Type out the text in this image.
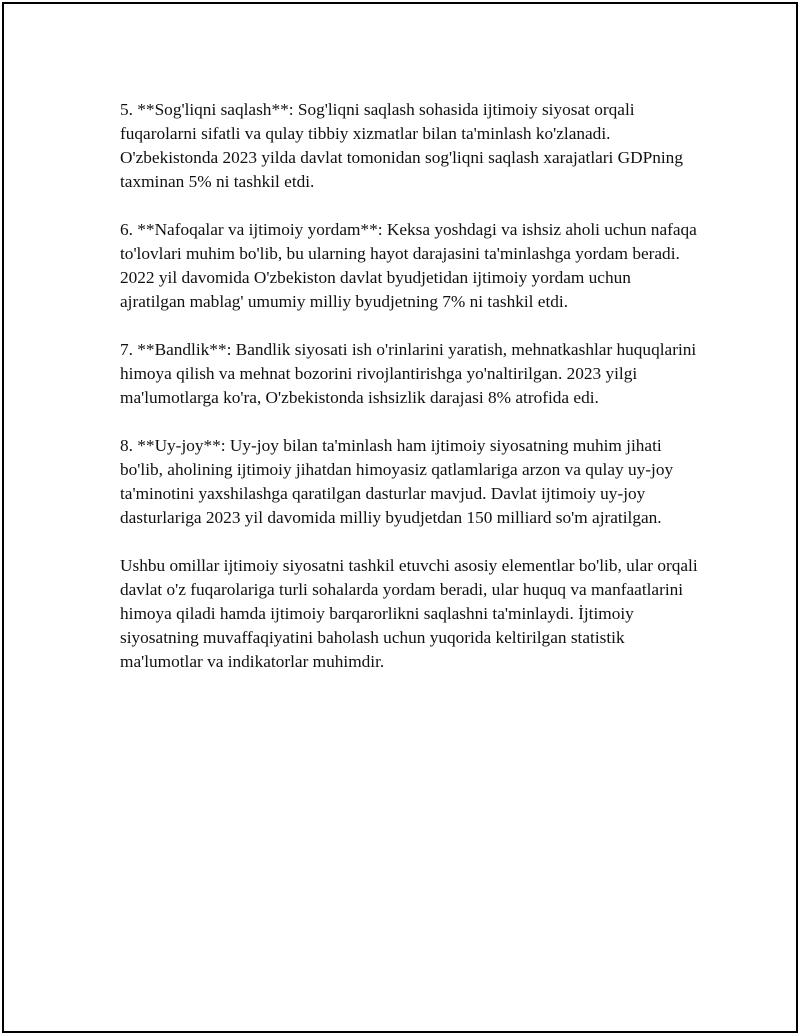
5. **Sog'liqni saqlash**: Sog'liqni saqlash sohasida ijtimoiy siyosat orqali fuqarolarni sifatli va qulay tibbiy xizmatlar bilan ta'minlash ko'zlanadi. O'zbekistonda 2023 yilda davlat tomonidan sog'liqni saqlash xarajatlari GDPning taxminan 5% ni tashkil etdi.

6. **Nafoqalar va ijtimoiy yordam**: Keksa yoshdagi va ishsiz aholi uchun nafaqa to'lovlari muhim bo'lib, bu ularning hayot darajasini ta'minlashga yordam beradi. 2022 yil davomida O'zbekiston davlat byudjetidan ijtimoiy yordam uchun ajratilgan mablag' umumiy milliy byudjetning 7% ni tashkil etdi.

7. **Bandlik**: Bandlik siyosati ish o'rinlarini yaratish, mehnatkashlar huquqlarini himoya qilish va mehnat bozorini rivojlantirishga yo'naltirilgan. 2023 yilgi ma'lumotlarga ko'ra, O'zbekistonda ishsizlik darajasi 8% atrofida edi.

8. **Uy-joy**: Uy-joy bilan ta'minlash ham ijtimoiy siyosatning muhim jihati bo'lib, aholining ijtimoiy jihatdan himoyasiz qatlamlariga arzon va qulay uy-joy ta'minotini yaxshilashga qaratilgan dasturlar mavjud. Davlat ijtimoiy uy-joy dasturlariga 2023 yil davomida milliy byudjetdan 150 milliard so'm ajratilgan.

Ushbu omillar ijtimoiy siyosatni tashkil etuvchi asosiy elementlar bo'lib, ular orqali davlat o'z fuqarolariga turli sohalarda yordam beradi, ular huquq va manfaatlarini himoya qiladi hamda ijtimoiy barqarorlikni saqlashni ta'minlaydi. İjtimoiy siyosatning muvaffaqiyatini baholash uchun yuqorida keltirilgan statistik ma'lumotlar va indikatorlar muhimdir.
